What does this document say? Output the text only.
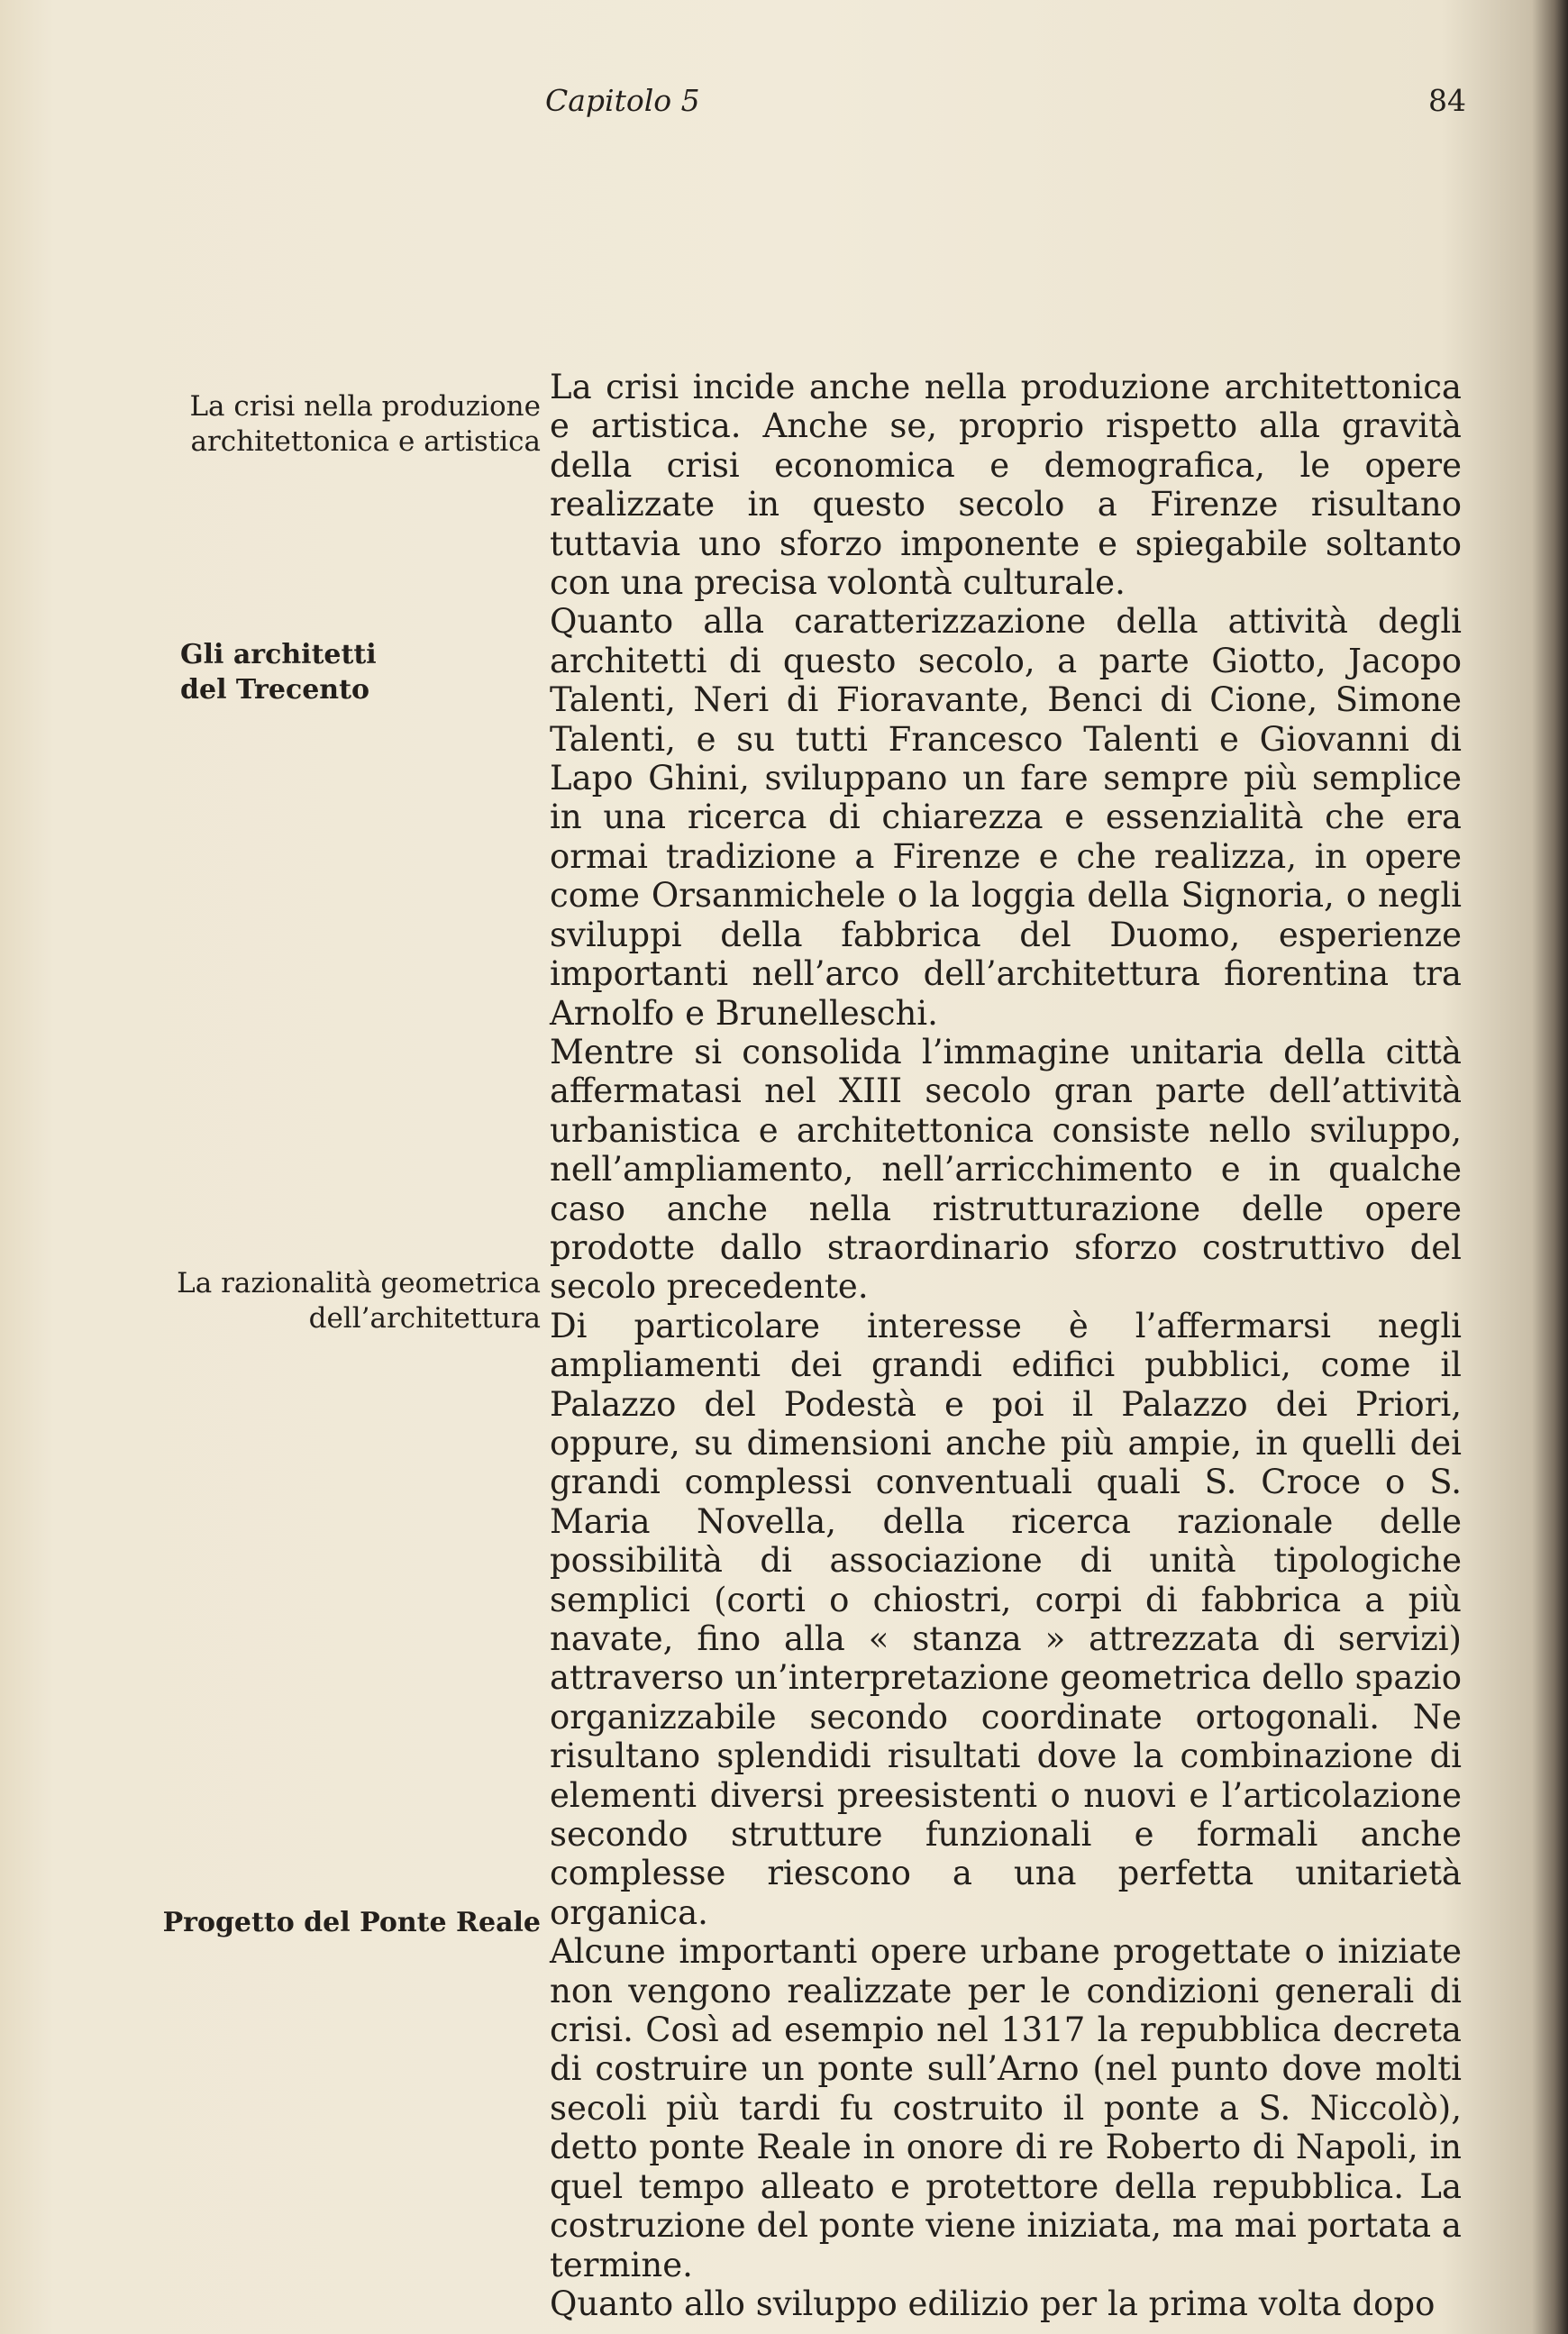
Capitolo 5	84
La crisi nella produzione architettonica e artistica
Gli architetti del Trecento
La razionalità geometrica dell’architettura
Progetto del Ponte Reale

La crisi incide anche nella produzione architettonica e artistica. Anche se, proprio rispetto alla gravità della crisi economica e demografica, le opere realizzate in questo secolo a Firenze risultano tuttavia uno sforzo imponente e spiegabile soltanto con una precisa volontà culturale.

Quanto alla caratterizzazione della attività degli architetti di questo secolo, a parte Giotto, Jacopo Talenti, Neri di Fioravante, Benci di Cione, Simone Talenti, e su tutti Francesco Talenti e Giovanni di Lapo Ghini, sviluppano un fare sempre più semplice in una ricerca di chiarezza e essenzialità che era ormai tradizione a Firenze e che realizza, in opere come Orsanmichele o la loggia della Signoria, o negli sviluppi della fabbrica del Duomo, esperienze importanti nell’arco dell’architettura fiorentina tra Arnolfo e Brunelleschi.

Mentre si consolida l’immagine unitaria della città affermatasi nel XIII secolo gran parte dell’attività urbanistica e architettonica consiste nello sviluppo, nell’ampliamento, nell’arricchimento e in qualche caso anche nella ristrutturazione delle opere prodotte dallo straordinario sforzo costruttivo del secolo precedente.

Di particolare interesse è l’affermarsi negli ampliamenti dei grandi edifici pubblici, come il Palazzo del Podestà e poi il Palazzo dei Priori, oppure, su dimensioni anche più ampie, in quelli dei grandi complessi conventuali quali S. Croce o S. Maria Novella, della ricerca razionale delle possibilità di associazione di unità tipologiche semplici (corti o chiostri, corpi di fabbrica a più navate, fino alla « stanza » attrezzata di servizi) attraverso un’interpretazione geometrica dello spazio organizzabile secondo coordinate ortogonali. Ne risultano splendidi risultati dove la combinazione di elementi diversi preesistenti o nuovi e l’articolazione secondo strutture funzionali e formali anche complesse riescono a una perfetta unitarietà organica.

Alcune importanti opere urbane progettate o iniziate non vengono realizzate per le condizioni generali di crisi. Così ad esempio nel 1317 la repubblica decreta di costruire un ponte sull’Arno (nel punto dove molti secoli più tardi fu costruito il ponte a S. Niccolò), detto ponte Reale in onore di re Roberto di Napoli, in quel tempo alleato e protettore della repubblica. La costruzione del ponte viene iniziata, ma mai portata a termine.

Quanto allo sviluppo edilizio per la prima volta dopo
